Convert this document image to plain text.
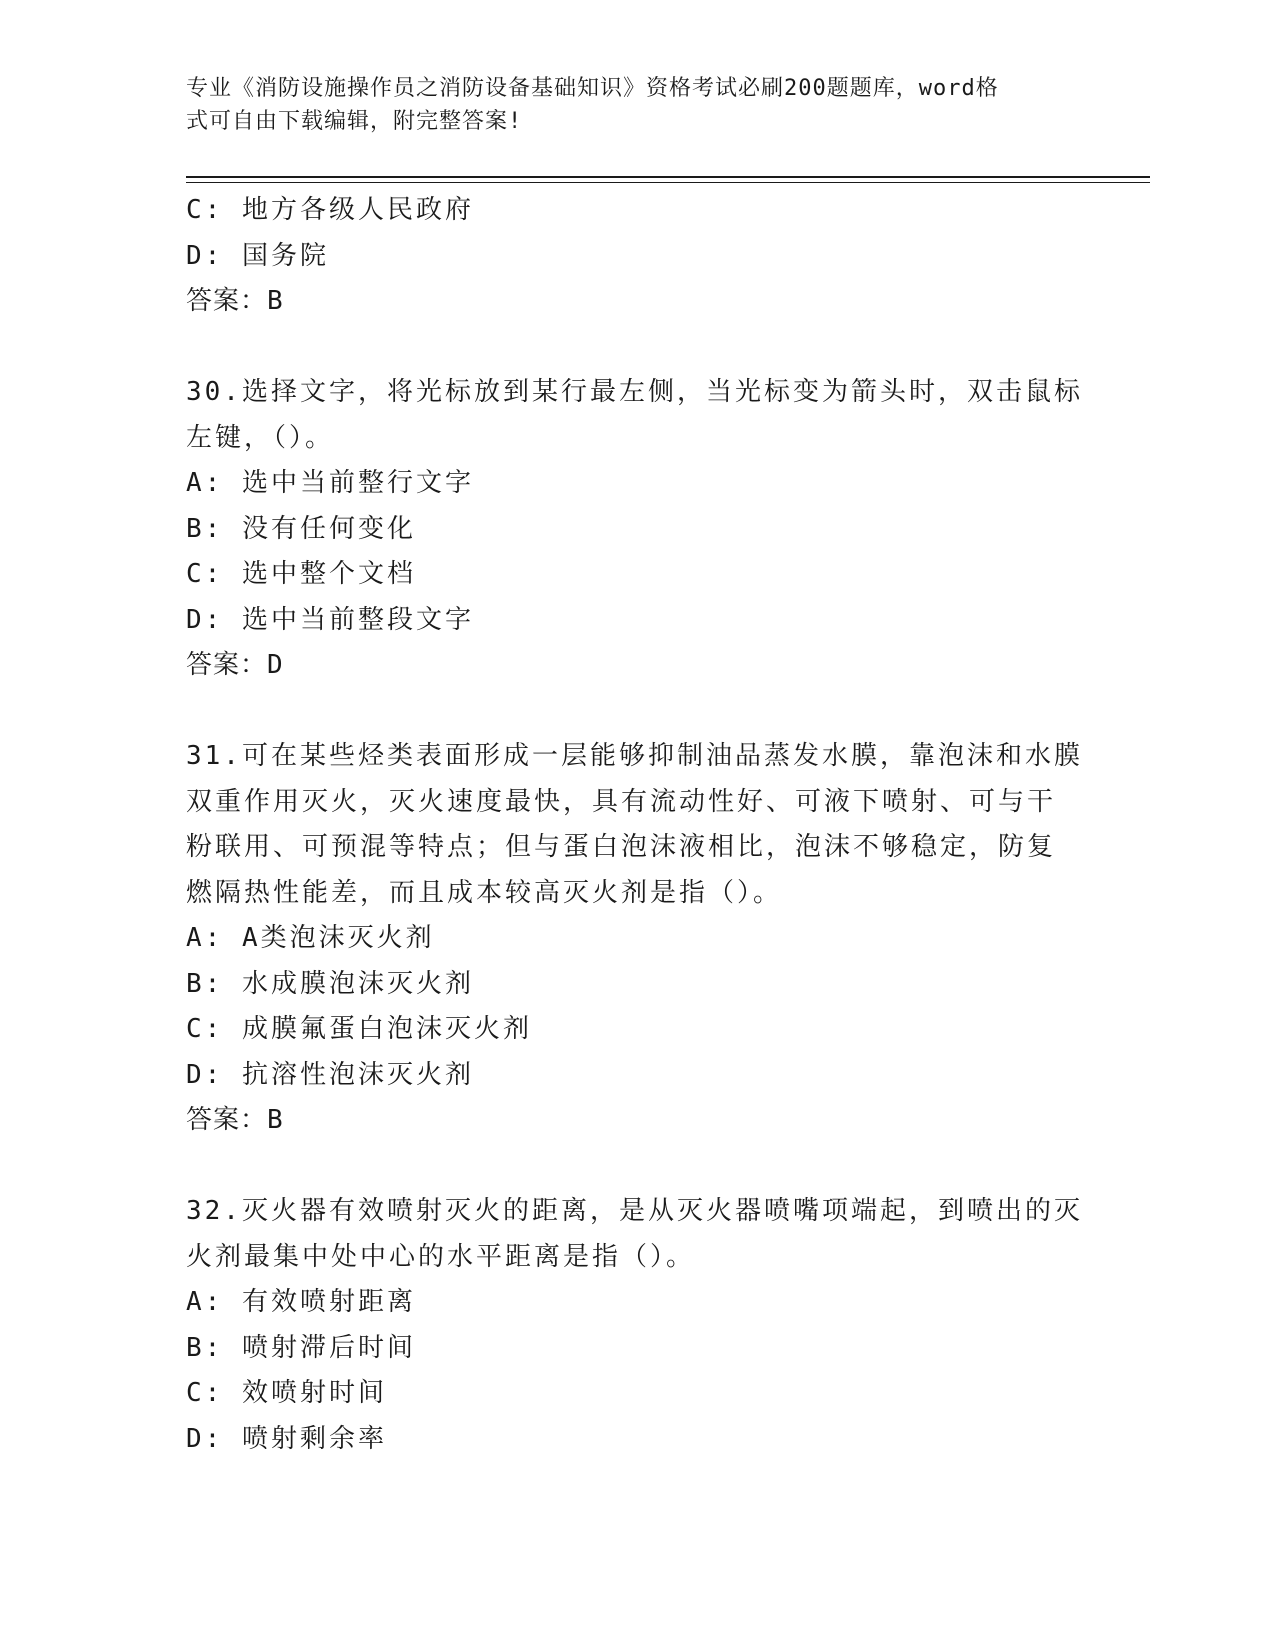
专业《消防设施操作员之消防设备基础知识》资格考试必刷200题题库，word格
式可自由下载编辑，附完整答案!
C: 地方各级人民政府
D: 国务院
答案：B
30.选择文字，将光标放到某行最左侧，当光标变为箭头时，双击鼠标
左键，（）。
A: 选中当前整行文字
B: 没有任何变化
C: 选中整个文档
D: 选中当前整段文字
答案：D
31.可在某些烃类表面形成一层能够抑制油品蒸发水膜，靠泡沫和水膜
双重作用灭火，灭火速度最快，具有流动性好、可液下喷射、可与干
粉联用、可预混等特点；但与蛋白泡沫液相比，泡沫不够稳定，防复
燃隔热性能差，而且成本较高灭火剂是指（）。
A: A类泡沫灭火剂
B: 水成膜泡沫灭火剂
C: 成膜氟蛋白泡沫灭火剂
D: 抗溶性泡沫灭火剂
答案：B
32.灭火器有效喷射灭火的距离，是从灭火器喷嘴项端起，到喷出的灭
火剂最集中处中心的水平距离是指（）。
A: 有效喷射距离
B: 喷射滞后时间
C: 效喷射时间
D: 喷射剩余率
